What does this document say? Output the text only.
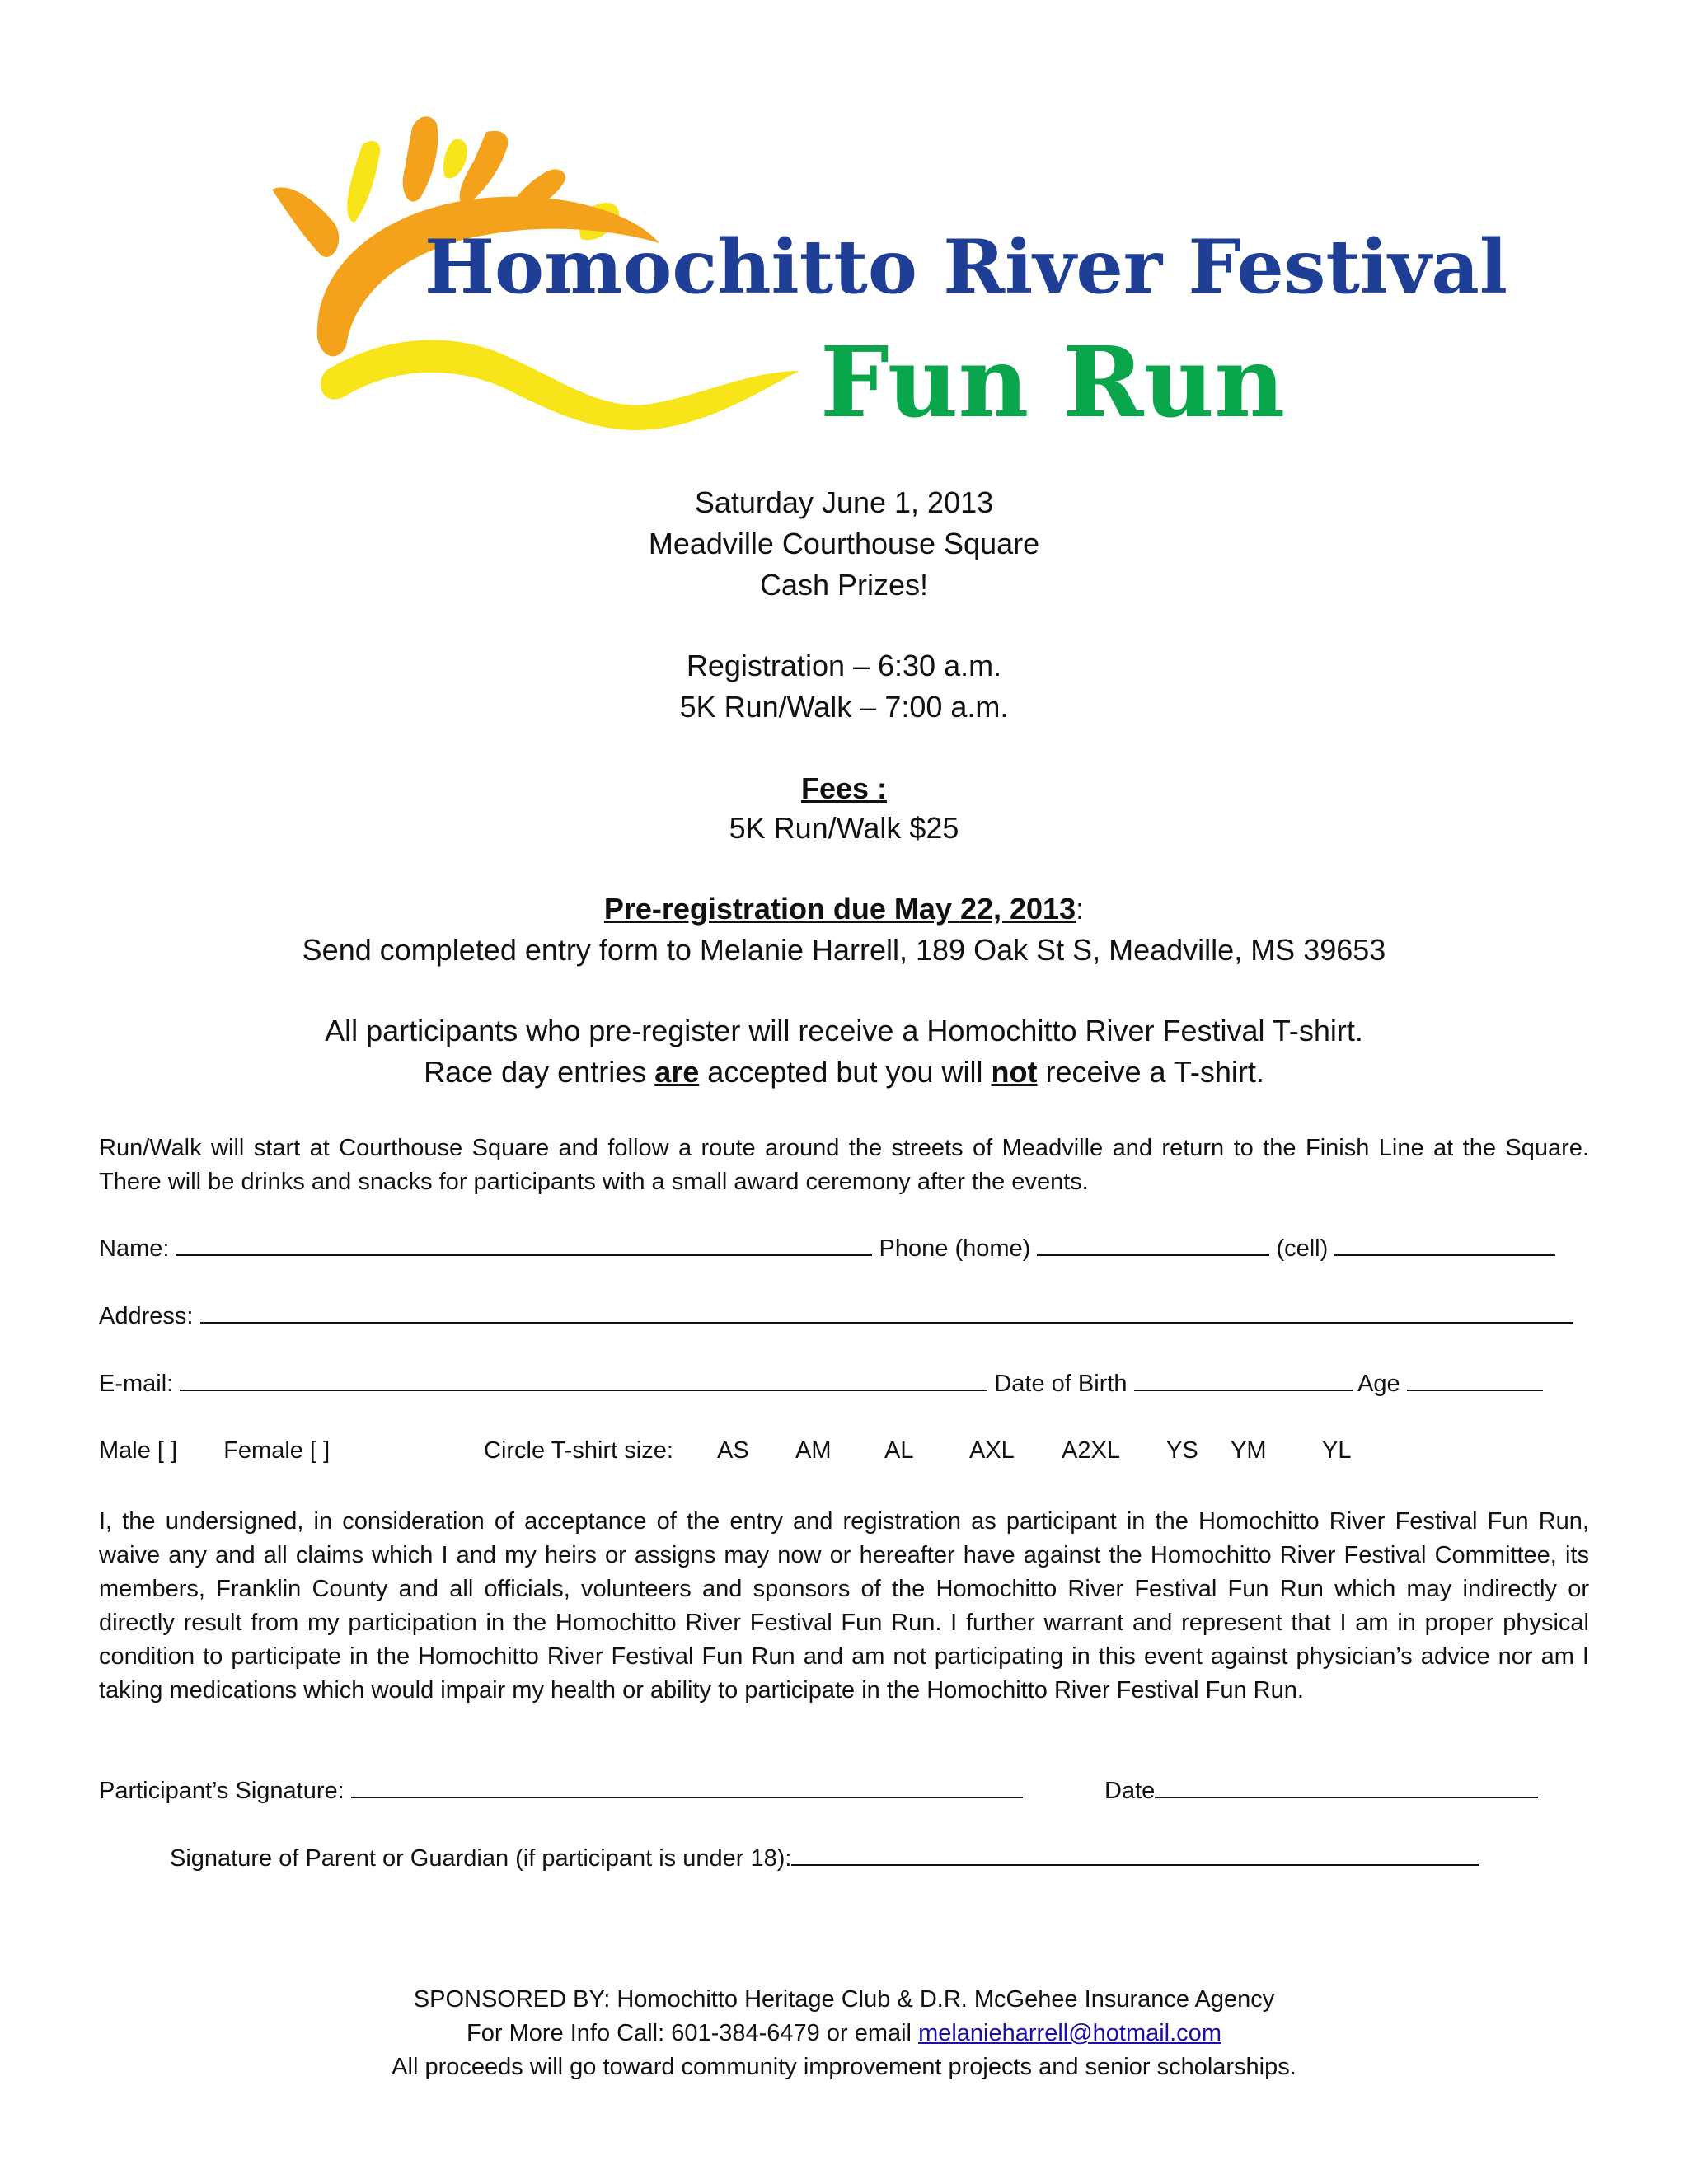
Homochitto River Festival
Fun Run
Saturday June 1, 2013
Meadville Courthouse Square
Cash Prizes!
Registration – 6:30 a.m.
5K Run/Walk – 7:00 a.m.
Fees :
5K Run/Walk $25
Pre-registration due May 22, 2013:
Send completed entry form to Melanie Harrell, 189 Oak St S, Meadville, MS 39653
All participants who pre-register will receive a Homochitto River Festival T-shirt.
Race day entries are accepted but you will not receive a T-shirt.
Run/Walk will start at Courthouse Square and follow a route around the streets of Meadville and return to the Finish Line at the Square. There will be drinks and snacks for participants with a small award ceremony after the events.
Name:	Phone (home)	(cell)
Address:
E-mail:	Date of Birth	Age
Male [ ] Female [ ]	Circle T-shirt size: AS AM AL AXL A2XL YS YM YL
I, the undersigned, in consideration of acceptance of the entry and registration as participant in the Homochitto River Festival Fun Run, waive any and all claims which I and my heirs or assigns may now or hereafter have against the Homochitto River Festival Committee, its members, Franklin County and all officials, volunteers and sponsors of the Homochitto River Festival Fun Run which may indirectly or directly result from my participation in the Homochitto River Festival Fun Run. I further warrant and represent that I am in proper physical condition to participate in the Homochitto River Festival Fun Run and am not participating in this event against physician’s advice nor am I taking medications which would impair my health or ability to participate in the Homochitto River Festival Fun Run.
Participant’s Signature:	Date
Signature of Parent or Guardian (if participant is under 18):
SPONSORED BY: Homochitto Heritage Club & D.R. McGehee Insurance Agency
For More Info Call: 601-384-6479 or email melanieharrell@hotmail.com
All proceeds will go toward community improvement projects and senior scholarships.
